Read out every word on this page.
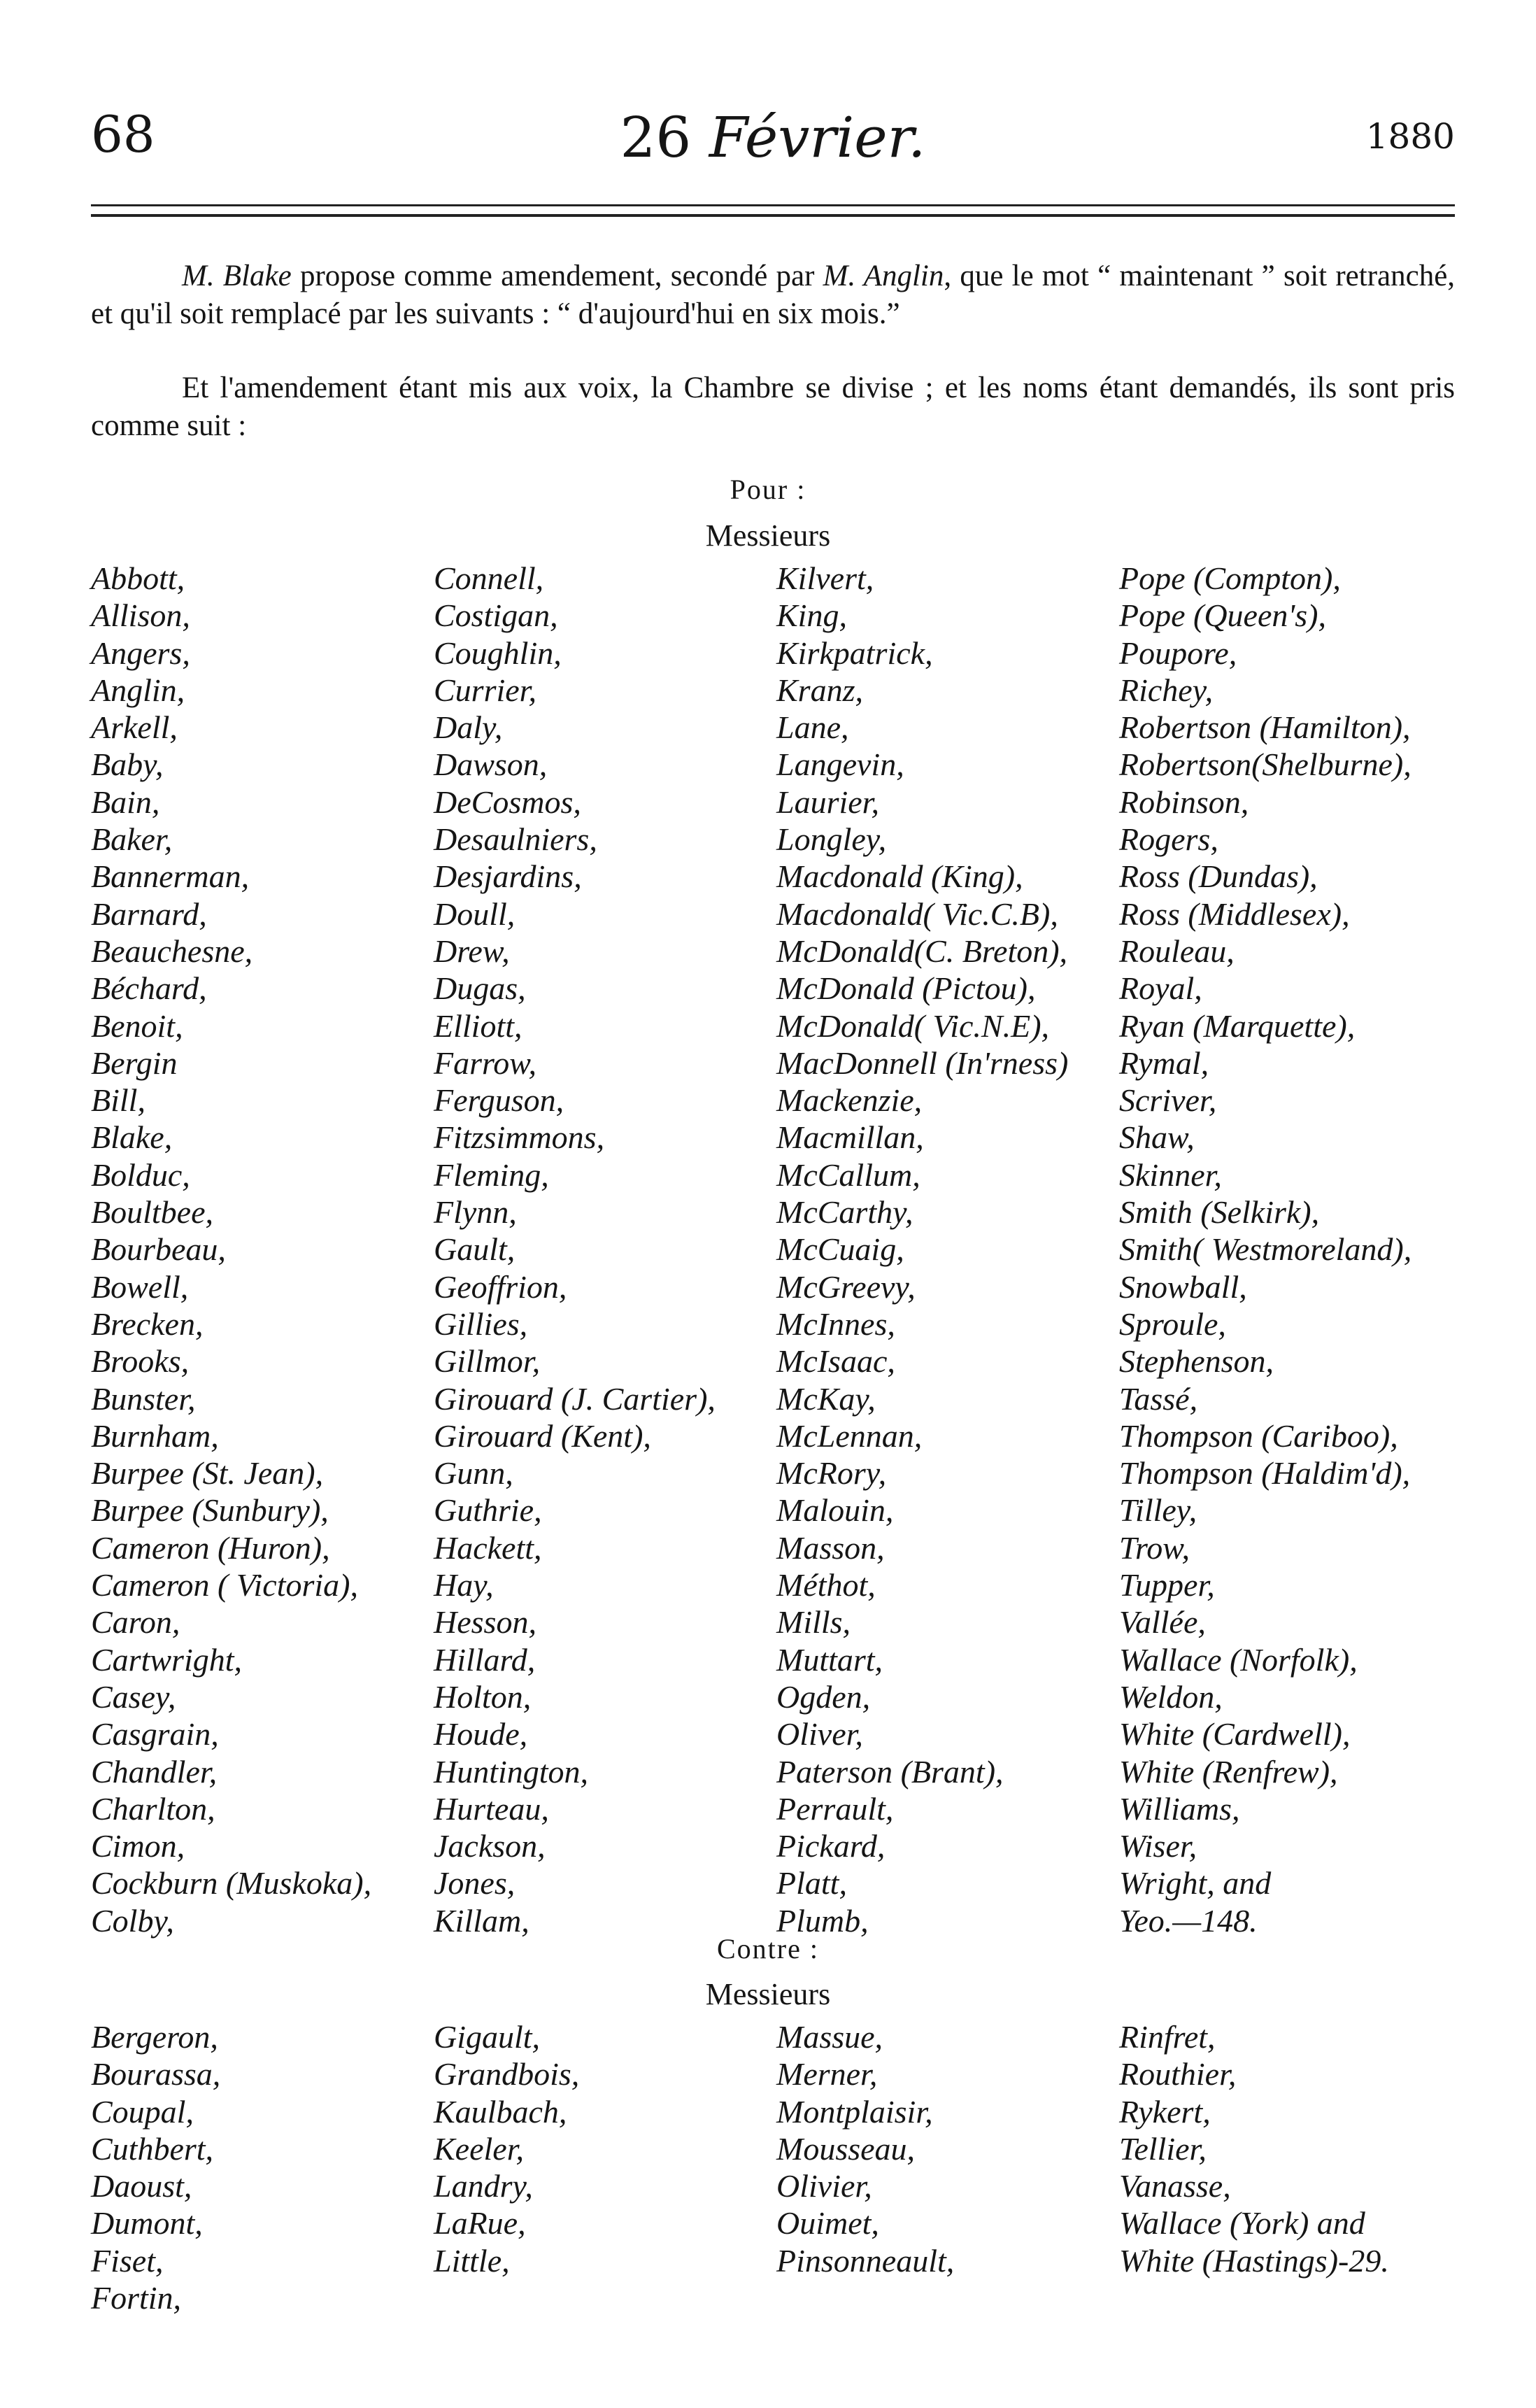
68	26 Février.	1880
M. Blake propose comme amendement, secondé par M. Anglin, que le mot “ maintenant ” soit retranché, et qu'il soit remplacé par les suivants : “ d'aujourd'hui en six mois.”
Et l'amendement étant mis aux voix, la Chambre se divise ; et les noms étant demandés, ils sont pris comme suit :
Pour :
Messieurs
Abbott,	Connell,	Kilvert,	Pope (Compton),
Allison,	Costigan,	King,	Pope (Queen's),
Angers,	Coughlin,	Kirkpatrick,	Poupore,
Anglin,	Currier,	Kranz,	Richey,
Arkell,	Daly,	Lane,	Robertson (Hamilton),
Baby,	Dawson,	Langevin,	Robertson(Shelburne),
Bain,	DeCosmos,	Laurier,	Robinson,
Baker,	Desaulniers,	Longley,	Rogers,
Bannerman,	Desjardins,	Macdonald (King),	Ross (Dundas),
Barnard,	Doull,	Macdonald( Vic.C.B),	Ross (Middlesex),
Beauchesne,	Drew,	McDonald(C. Breton),	Rouleau,
Béchard,	Dugas,	McDonald (Pictou),	Royal,
Benoit,	Elliott,	McDonald( Vic.N.E),	Ryan (Marquette),
Bergin	Farrow,	MacDonnell (In'rness)	Rymal,
Bill,	Ferguson,	Mackenzie,	Scriver,
Blake,	Fitzsimmons,	Macmillan,	Shaw,
Bolduc,	Fleming,	McCallum,	Skinner,
Boultbee,	Flynn,	McCarthy,	Smith (Selkirk),
Bourbeau,	Gault,	McCuaig,	Smith( Westmoreland),
Bowell,	Geoffrion,	McGreevy,	Snowball,
Brecken,	Gillies,	McInnes,	Sproule,
Brooks,	Gillmor,	McIsaac,	Stephenson,
Bunster,	Girouard (J. Cartier),	McKay,	Tassé,
Burnham,	Girouard (Kent),	McLennan,	Thompson (Cariboo),
Burpee (St. Jean),	Gunn,	McRory,	Thompson (Haldim'd),
Burpee (Sunbury),	Guthrie,	Malouin,	Tilley,
Cameron (Huron),	Hackett,	Masson,	Trow,
Cameron ( Victoria),	Hay,	Méthot,	Tupper,
Caron,	Hesson,	Mills,	Vallée,
Cartwright,	Hillard,	Muttart,	Wallace (Norfolk),
Casey,	Holton,	Ogden,	Weldon,
Casgrain,	Houde,	Oliver,	White (Cardwell),
Chandler,	Huntington,	Paterson (Brant),	White (Renfrew),
Charlton,	Hurteau,	Perrault,	Williams,
Cimon,	Jackson,	Pickard,	Wiser,
Cockburn (Muskoka),	Jones,	Platt,	Wright, and
Colby,	Killam,	Plumb,	Yeo.—148.
Contre :
Messieurs
Bergeron,	Gigault,	Massue,	Rinfret,
Bourassa,	Grandbois,	Merner,	Routhier,
Coupal,	Kaulbach,	Montplaisir,	Rykert,
Cuthbert,	Keeler,	Mousseau,	Tellier,
Daoust,	Landry,	Olivier,	Vanasse,
Dumont,	LaRue,	Ouimet,	Wallace (York) and
Fiset,	Little,	Pinsonneault,	White (Hastings)-29.
Fortin,
